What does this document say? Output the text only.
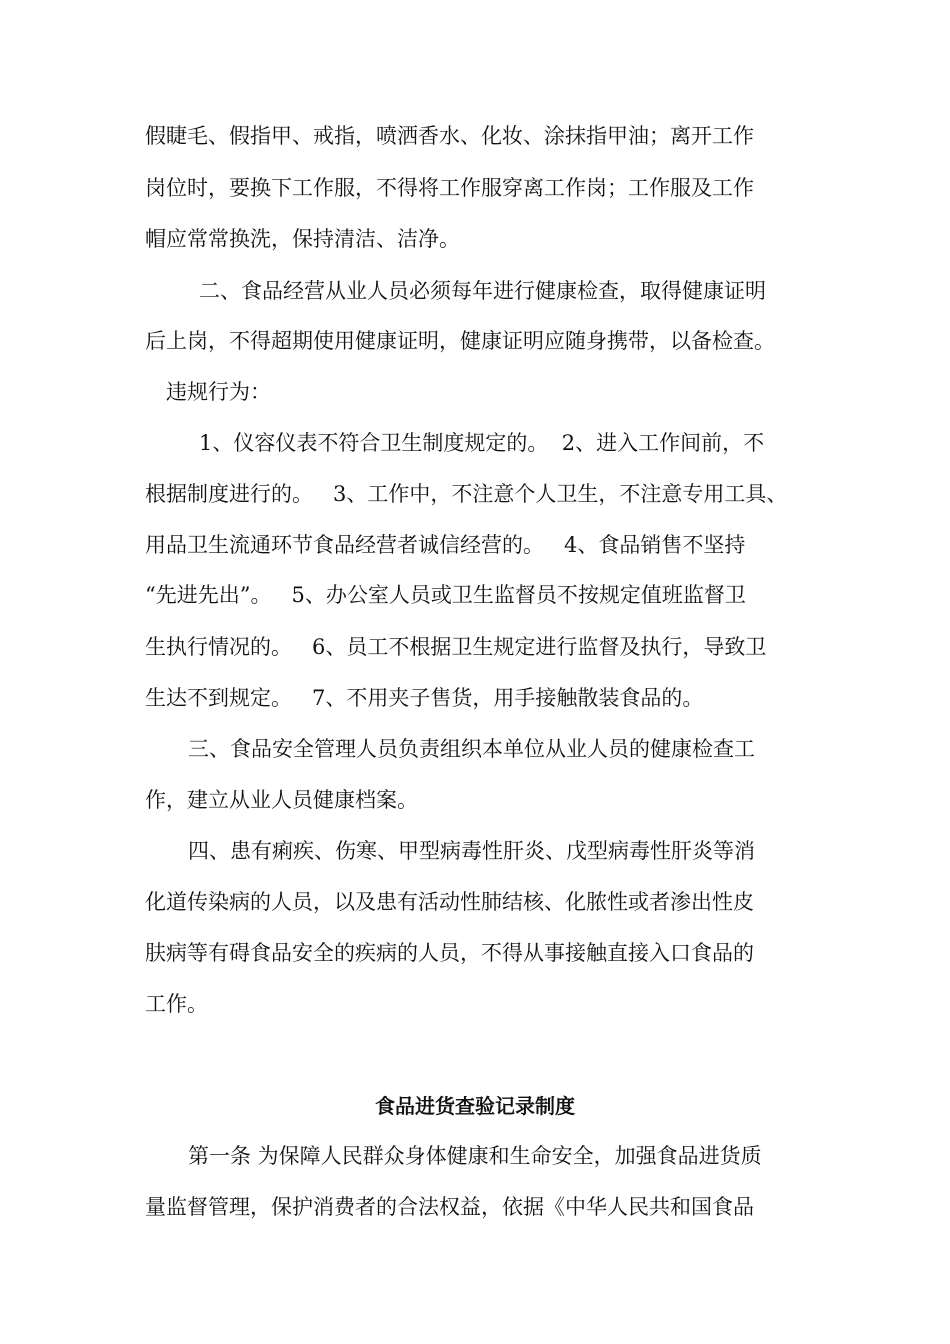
假睫毛、假指甲、戒指，喷洒香水、化妆、涂抹指甲油；离开工作

岗位时，要换下工作服，不得将工作服穿离工作岗；工作服及工作

帽应常常换洗，保持清洁、洁净。

二、食品经营从业人员必须每年进行健康检查，取得健康证明

后上岗，不得超期使用健康证明，健康证明应随身携带，以备检查。

违规行为：

1、仪容仪表不符合卫生制度规定的。  2、进入工作间前，不

根据制度进行的。   3、工作中，不注意个人卫生，不注意专用工具、

用品卫生流通环节食品经营者诚信经营的。   4、食品销售不坚持

“先进先出”。   5、办公室人员或卫生监督员不按规定值班监督卫

生执行情况的。   6、员工不根据卫生规定进行监督及执行，导致卫

生达不到规定。   7、不用夹子售货，用手接触散装食品的。

三、食品安全管理人员负责组织本单位从业人员的健康检查工

作，建立从业人员健康档案。

四、患有痢疾、伤寒、甲型病毒性肝炎、戊型病毒性肝炎等消

化道传染病的人员，以及患有活动性肺结核、化脓性或者渗出性皮

肤病等有碍食品安全的疾病的人员，不得从事接触直接入口食品的

工作。

食品进货查验记录制度

第一条 为保障人民群众身体健康和生命安全，加强食品进货质

量监督管理，保护消费者的合法权益，依据《中华人民共和国食品
